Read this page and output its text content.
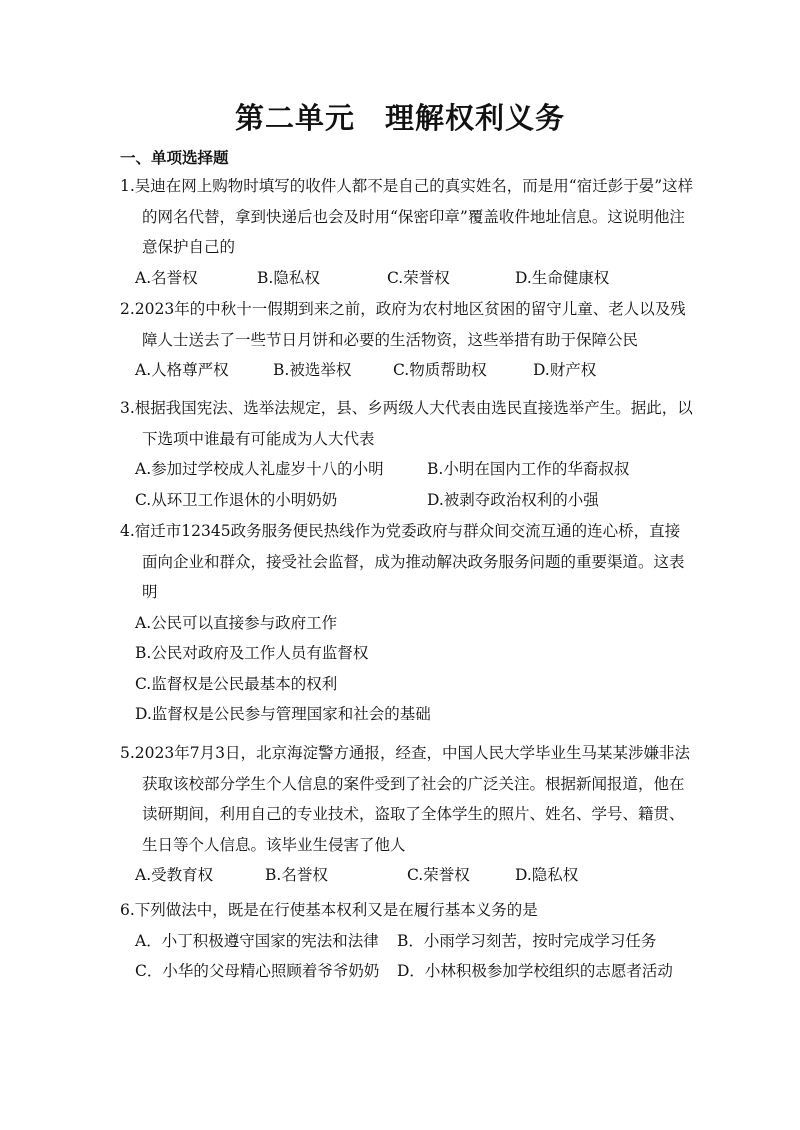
第二单元　理解权利义务
一、单项选择题

1.吴迪在网上购物时填写的收件人都不是自己的真实姓名，而是用“宿迁彭于晏”这样的网名代替，拿到快递后也会及时用“保密印章”覆盖收件地址信息。这说明他注意保护自己的

A.名誉权	B.隐私权	C.荣誉权	D.生命健康权

2.2023年的中秋十一假期到来之前，政府为农村地区贫困的留守儿童、老人以及残障人士送去了一些节日月饼和必要的生活物资，这些举措有助于保障公民

A.人格尊严权	B.被选举权	C.物质帮助权	D.财产权

3.根据我国宪法、选举法规定，县、乡两级人大代表由选民直接选举产生。据此，以下选项中谁最有可能成为人大代表

A.参加过学校成人礼虚岁十八的小明	B.小明在国内工作的华裔叔叔
C.从环卫工作退休的小明奶奶	D.被剥夺政治权利的小强

4.宿迁市12345政务服务便民热线作为党委政府与群众间交流互通的连心桥，直接面向企业和群众，接受社会监督，成为推动解决政务服务问题的重要渠道。这表明

A.公民可以直接参与政府工作
B.公民对政府及工作人员有监督权
C.监督权是公民最基本的权利
D.监督权是公民参与管理国家和社会的基础

5.2023年7月3日，北京海淀警方通报，经查，中国人民大学毕业生马某某涉嫌非法获取该校部分学生个人信息的案件受到了社会的广泛关注。根据新闻报道，他在读研期间，利用自己的专业技术，盗取了全体学生的照片、姓名、学号、籍贯、生日等个人信息。该毕业生侵害了他人

A.受教育权	B.名誉权	C.荣誉权	D.隐私权

6.下列做法中，既是在行使基本权利又是在履行基本义务的是

A．小丁积极遵守国家的宪法和法律 B．小雨学习刻苦，按时完成学习任务
C．小华的父母精心照顾着爷爷奶奶 D．小林积极参加学校组织的志愿者活动
